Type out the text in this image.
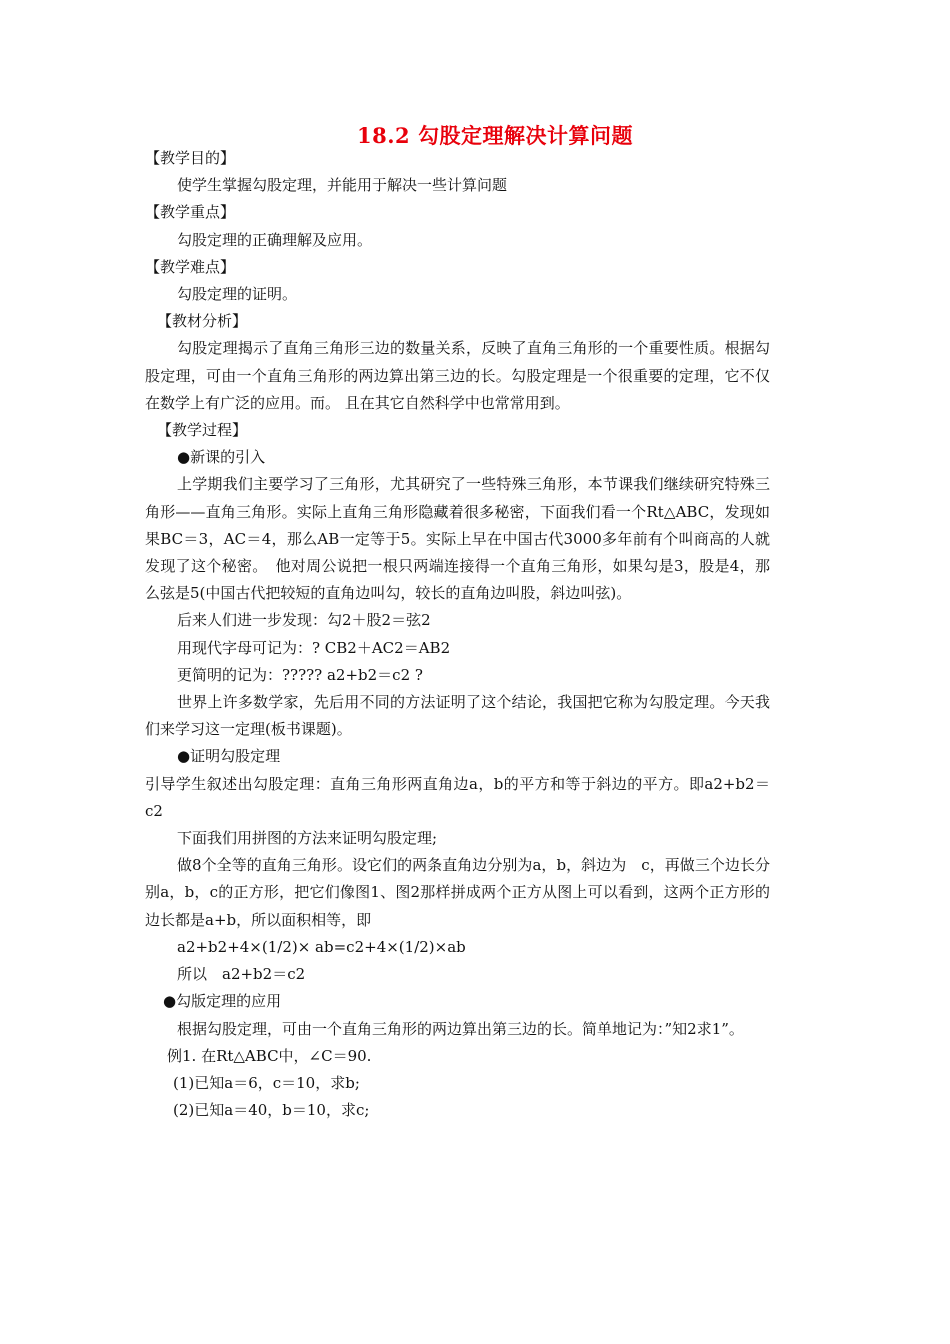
18.2 勾股定理解决计算问题

【教学目的】

使学生掌握勾股定理，并能用于解决一些计算问题

【教学重点】

勾股定理的正确理解及应用。

【教学难点】

勾股定理的证明。

【教材分析】

勾股定理揭示了直角三角形三边的数量关系，反映了直角三角形的一个重要性质。根据勾股定理，可由一个直角三角形的两边算出第三边的长。勾股定理是一个很重要的定理，它不仅在数学上有广泛的应用。而。 且在其它自然科学中也常常用到。

【教学过程】

●新课的引入

上学期我们主要学习了三角形，尤其研究了一些特殊三角形，本节课我们继续研究特殊三角形——直角三角形。实际上直角三角形隐藏着很多秘密，下面我们看一个Rt△ABC，发现如果BC＝3，AC＝4，那么AB一定等于5。实际上早在中国古代3000多年前有个叫商高的人就发现了这个秘密。　他对周公说把一根只两端连接得一个直角三角形，如果勾是3，股是4，那么弦是5(中国古代把较短的直角边叫勾，较长的直角边叫股，斜边叫弦)。

后来人们进一步发现：勾2＋股2＝弦2

用现代字母可记为：? CB2＋AC2＝AB2

更简明的记为：????? a2+b2＝c2 ?

世界上许多数学家，先后用不同的方法证明了这个结论，我国把它称为勾股定理。今天我们来学习这一定理(板书课题)。

●证明勾股定理

引导学生叙述出勾股定理：直角三角形两直角边a，b的平方和等于斜边的平方。即a2+b2＝c2

下面我们用拼图的方法来证明勾股定理;

做8个全等的直角三角形。设它们的两条直角边分别为a，b，斜边为　c，再做三个边长分别a，b，c的正方形，把它们像图1、图2那样拼成两个正方从图上可以看到，这两个正方形的边长都是a+b，所以面积相等，即

a2+b2+4×(1/2)× ab=c2+4×(1/2)×ab

所以　a2+b2＝c2

●勾版定理的应用

根据勾股定理，可由一个直角三角形的两边算出第三边的长。简单地记为：”知2求1”。

例1. 在Rt△ABC中，∠C＝90.

(1)已知a＝6，c＝10，求b;

(2)已知a＝40，b＝10，求c;
